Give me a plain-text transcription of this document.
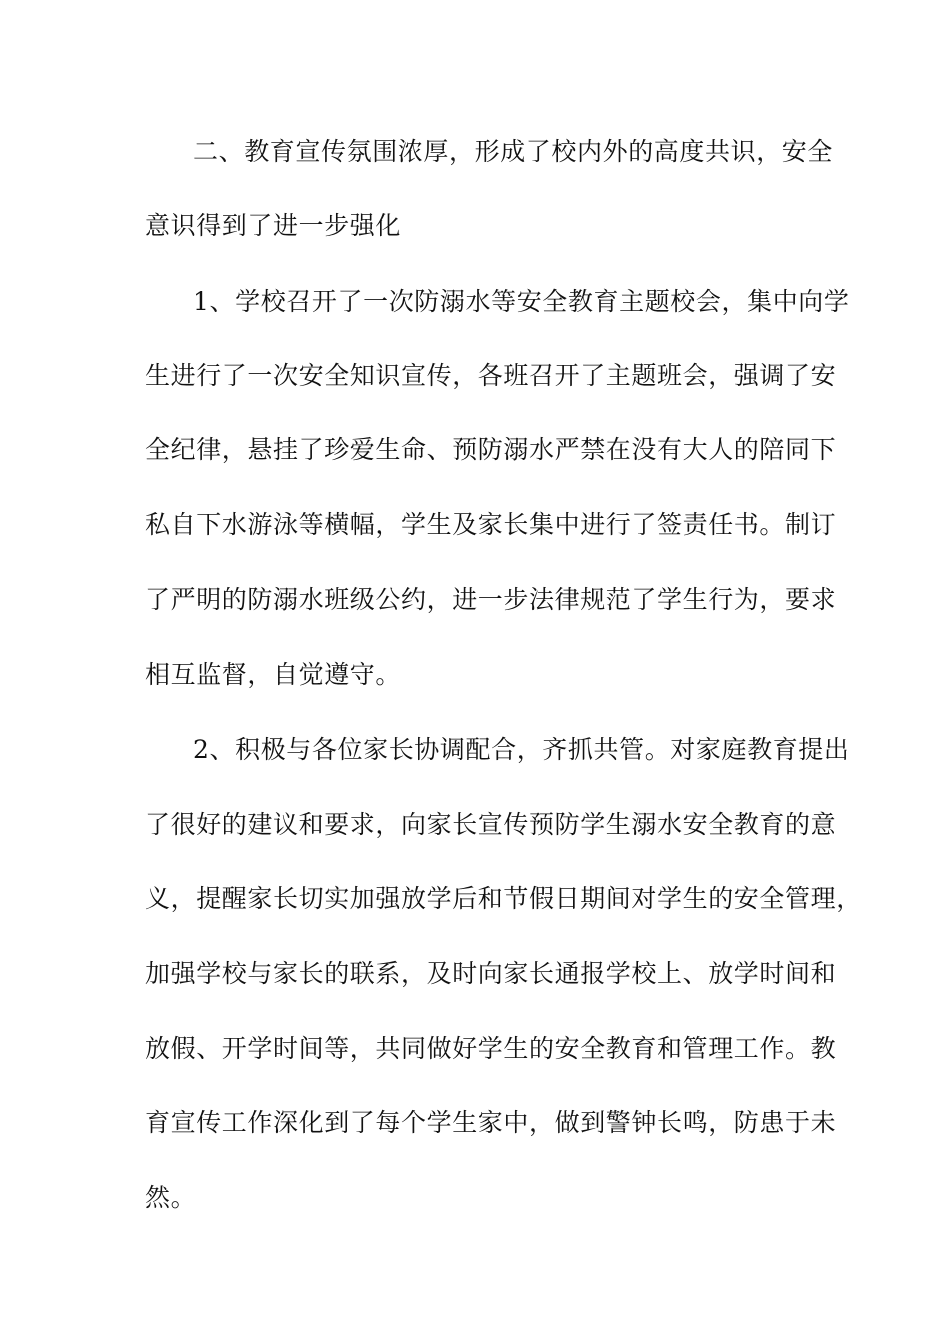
二、教育宣传氛围浓厚，形成了校内外的高度共识，安全

意识得到了进一步强化

1、学校召开了一次防溺水等安全教育主题校会，集中向学

生进行了一次安全知识宣传，各班召开了主题班会，强调了安

全纪律，悬挂了珍爱生命、预防溺水严禁在没有大人的陪同下

私自下水游泳等横幅，学生及家长集中进行了签责任书。制订

了严明的防溺水班级公约，进一步法律规范了学生行为，要求

相互监督，自觉遵守。

2、积极与各位家长协调配合，齐抓共管。对家庭教育提出

了很好的建议和要求，向家长宣传预防学生溺水安全教育的意

义，提醒家长切实加强放学后和节假日期间对学生的安全管理，

加强学校与家长的联系，及时向家长通报学校上、放学时间和

放假、开学时间等，共同做好学生的安全教育和管理工作。教

育宣传工作深化到了每个学生家中，做到警钟长鸣，防患于未

然。
